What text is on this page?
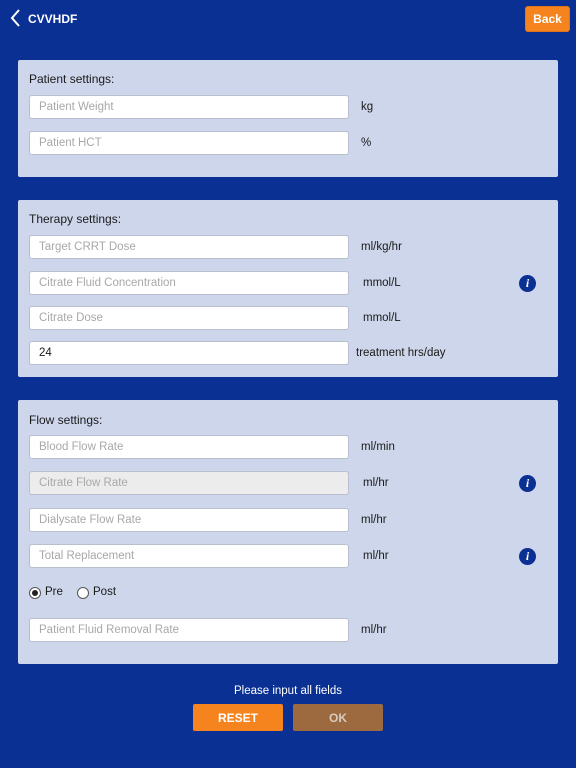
CVVHDF	Back
Patient settings:
Patient Weight	kg
Patient HCT	%
Therapy settings:
Target CRRT Dose	ml/kg/hr
Citrate Fluid Concentration	mmol/L	i
Citrate Dose	mmol/L
24	treatment hrs/day
Flow settings:
Blood Flow Rate	ml/min
Citrate Flow Rate	ml/hr	i
Dialysate Flow Rate	ml/hr
Total Replacement	ml/hr	i
Pre	Post
Patient Fluid Removal Rate	ml/hr
Please input all fields
RESET	OK
